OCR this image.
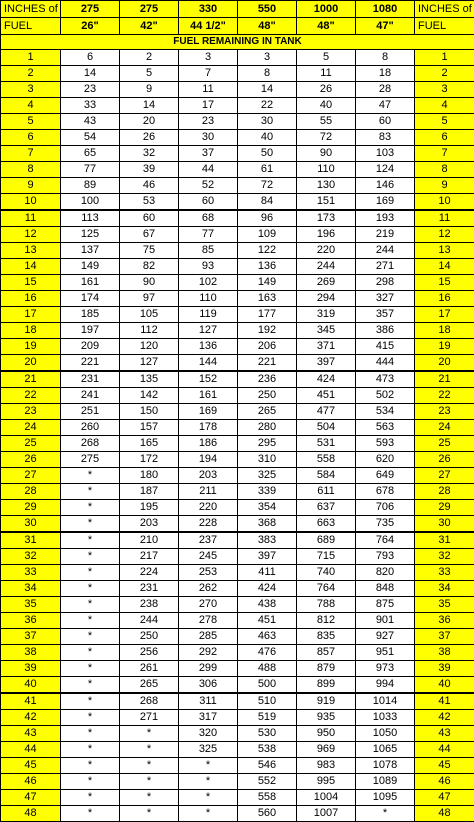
INCHES of	275	275	330	550	1000	1080	INCHES of
FUEL	26"	42"	44 1/2"	48"	48"	47"	FUEL
FUEL REMAINING IN TANK							
1	6	2	3	3	5	8	1
2	14	5	7	8	11	18	2
3	23	9	11	14	26	28	3
4	33	14	17	22	40	47	4
5	43	20	23	30	55	60	5
6	54	26	30	40	72	83	6
7	65	32	37	50	90	103	7
8	77	39	44	61	110	124	8
9	89	46	52	72	130	146	9
10	100	53	60	84	151	169	10
11	113	60	68	96	173	193	11
12	125	67	77	109	196	219	12
13	137	75	85	122	220	244	13
14	149	82	93	136	244	271	14
15	161	90	102	149	269	298	15
16	174	97	110	163	294	327	16
17	185	105	119	177	319	357	17
18	197	112	127	192	345	386	18
19	209	120	136	206	371	415	19
20	221	127	144	221	397	444	20
21	231	135	152	236	424	473	21
22	241	142	161	250	451	502	22
23	251	150	169	265	477	534	23
24	260	157	178	280	504	563	24
25	268	165	186	295	531	593	25
26	275	172	194	310	558	620	26
27	*	180	203	325	584	649	27
28	*	187	211	339	611	678	28
29	*	195	220	354	637	706	29
30	*	203	228	368	663	735	30
31	*	210	237	383	689	764	31
32	*	217	245	397	715	793	32
33	*	224	253	411	740	820	33
34	*	231	262	424	764	848	34
35	*	238	270	438	788	875	35
36	*	244	278	451	812	901	36
37	*	250	285	463	835	927	37
38	*	256	292	476	857	951	38
39	*	261	299	488	879	973	39
40	*	265	306	500	899	994	40
41	*	268	311	510	919	1014	41
42	*	271	317	519	935	1033	42
43	*	*	320	530	950	1050	43
44	*	*	325	538	969	1065	44
45	*	*	*	546	983	1078	45
46	*	*	*	552	995	1089	46
47	*	*	*	558	1004	1095	47
48	*	*	*	560	1007	*	48
